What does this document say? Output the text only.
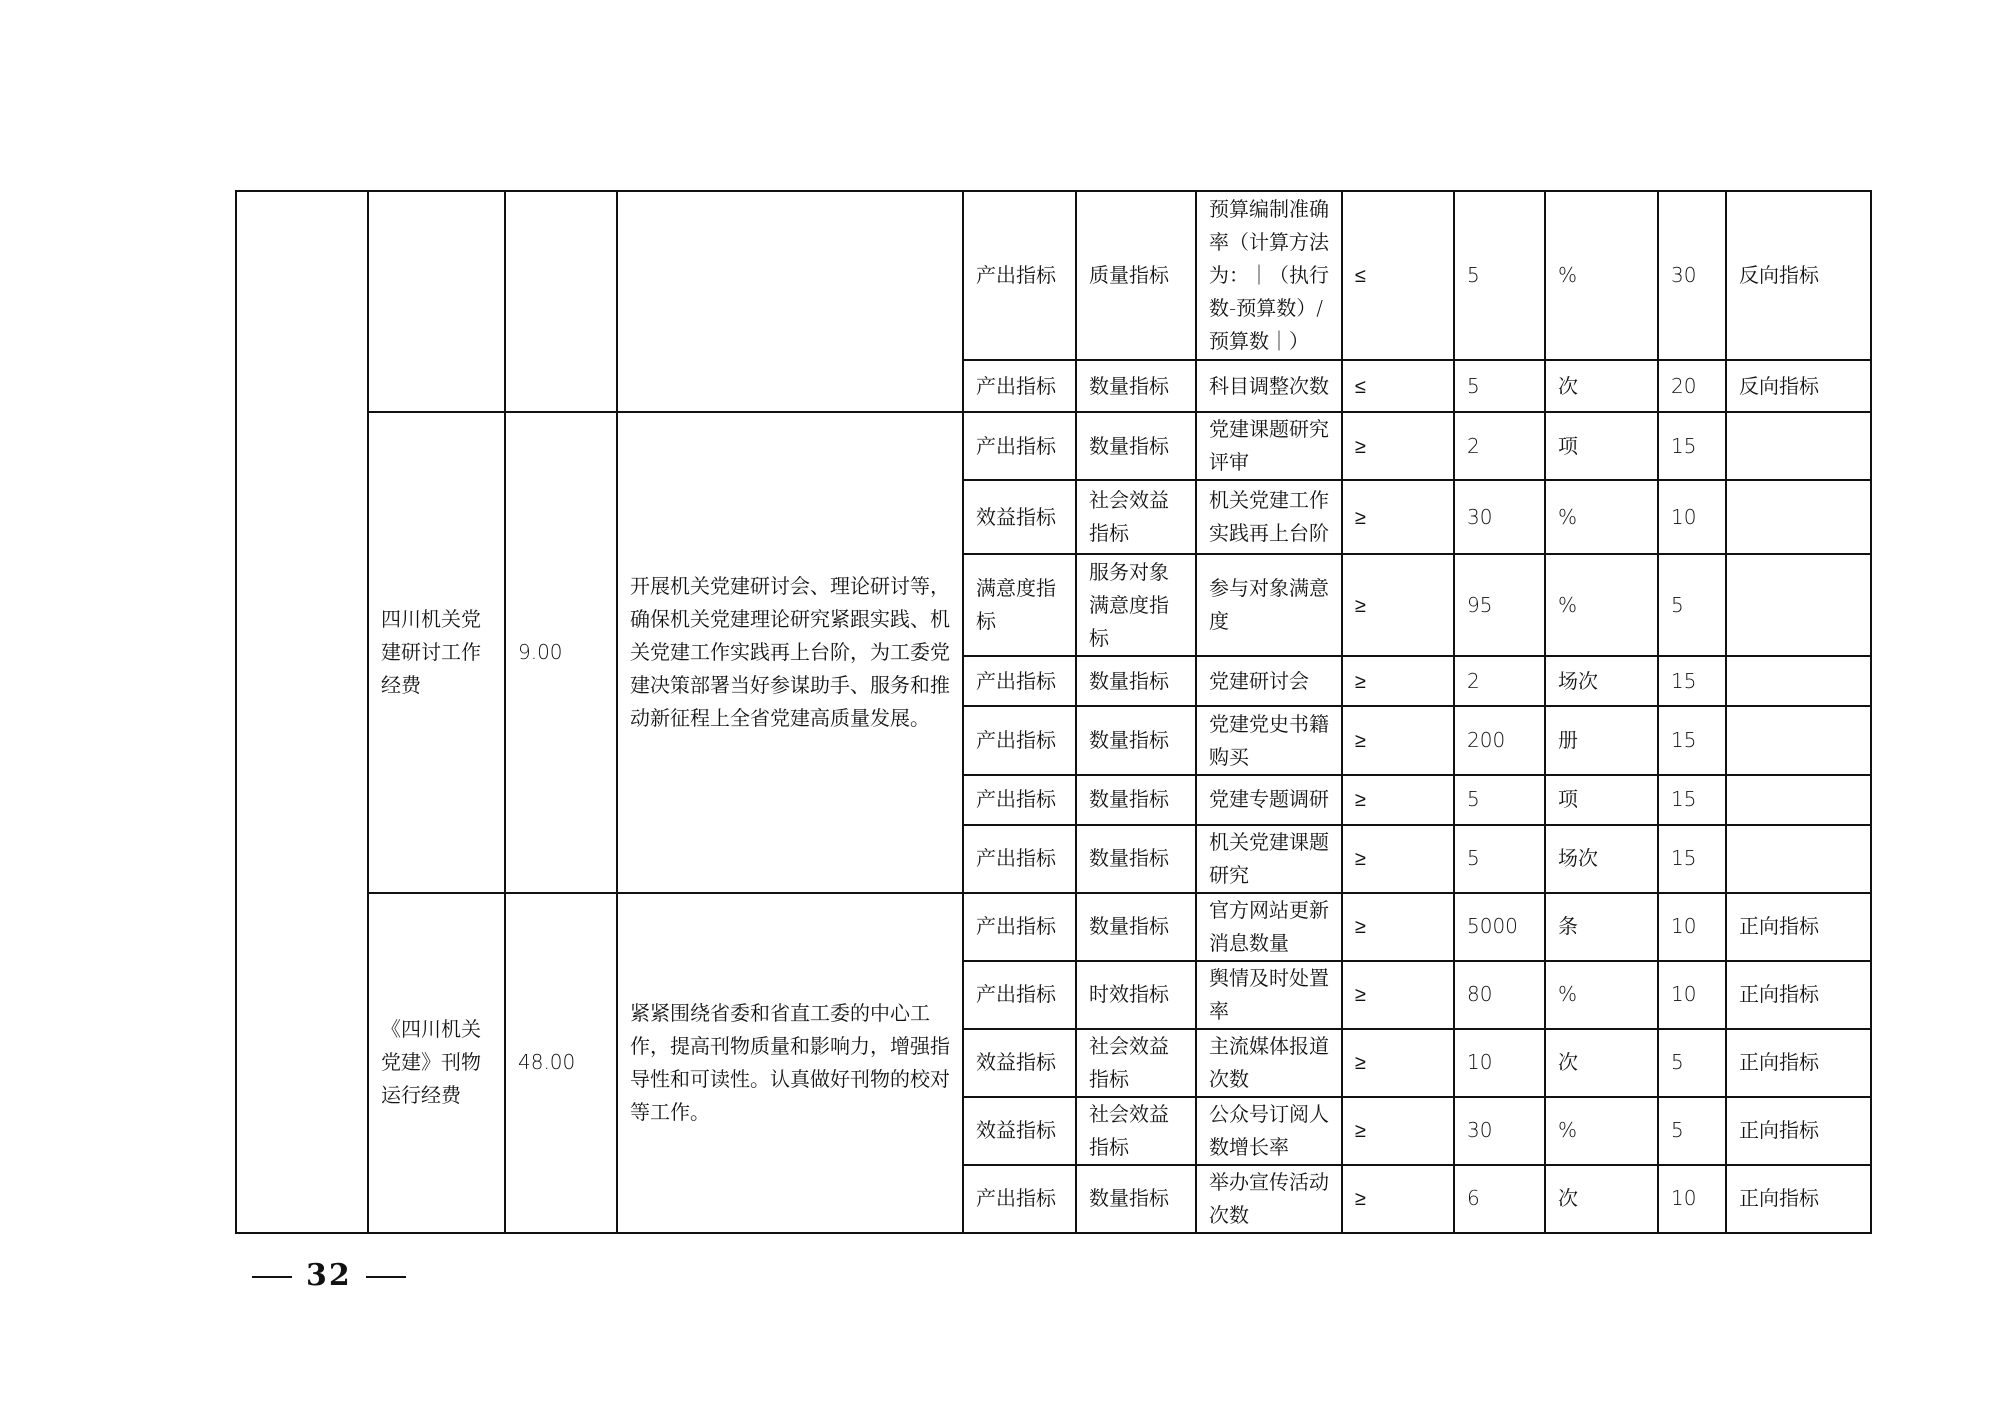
				产出指标	质量指标	预算编制准确率（计算方法为：｜（执行数-预算数）/预算数｜）	≤	5	%	30	反向指标
				产出指标	数量指标	科目调整次数	≤	5	次	20	反向指标
	四川机关党建研讨工作经费	9.00	开展机关党建研讨会、理论研讨等，确保机关党建理论研究紧跟实践、机关党建工作实践再上台阶，为工委党建决策部署当好参谋助手、服务和推动新征程上全省党建高质量发展。	产出指标	数量指标	党建课题研究评审	≥	2	项	15	
				效益指标	社会效益指标	机关党建工作实践再上台阶	≥	30	%	10	
				满意度指标	服务对象满意度指标	参与对象满意度	≥	95	%	5	
				产出指标	数量指标	党建研讨会	≥	2	场次	15	
				产出指标	数量指标	党建党史书籍购买	≥	200	册	15	
				产出指标	数量指标	党建专题调研	≥	5	项	15	
				产出指标	数量指标	机关党建课题研究	≥	5	场次	15	
	《四川机关党建》刊物运行经费	48.00	紧紧围绕省委和省直工委的中心工作，提高刊物质量和影响力，增强指导性和可读性。认真做好刊物的校对等工作。	产出指标	数量指标	官方网站更新消息数量	≥	5000	条	10	正向指标
				产出指标	时效指标	舆情及时处置率	≥	80	%	10	正向指标
				效益指标	社会效益指标	主流媒体报道次数	≥	10	次	5	正向指标
				效益指标	社会效益指标	公众号订阅人数增长率	≥	30	%	5	正向指标
				产出指标	数量指标	举办宣传活动次数	≥	6	次	10	正向指标
32
